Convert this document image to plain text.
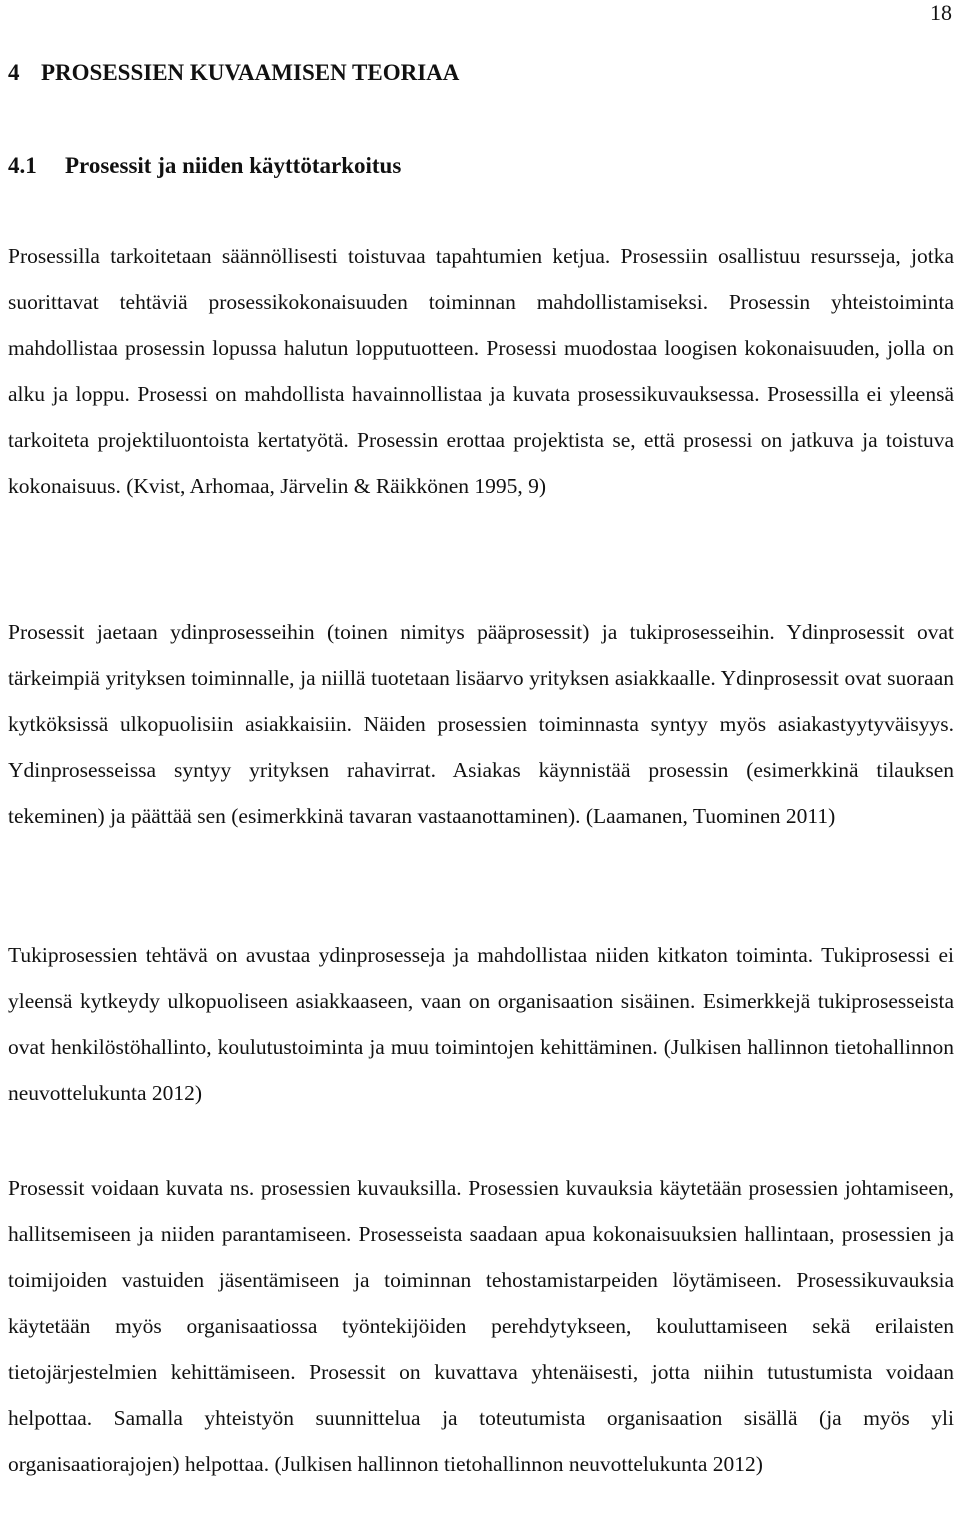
18
4 PROSESSIEN KUVAAMISEN TEORIAA
4.1 Prosessit ja niiden käyttötarkoitus

Prosessilla tarkoitetaan säännöllisesti toistuvaa tapahtumien ketjua. Prosessiin osallistuu resursseja, jotka suorittavat tehtäviä prosessikokonaisuuden toiminnan mahdollistamiseksi. Prosessin yhteistoiminta mahdollistaa prosessin lopussa halutun lopputuotteen. Prosessi muodostaa loogisen kokonaisuuden, jolla on alku ja loppu. Prosessi on mahdollista havainnollistaa ja kuvata prosessikuvauksessa. Prosessilla ei yleensä tarkoiteta projektiluontoista kertatyötä. Prosessin erottaa projektista se, että prosessi on jatkuva ja toistuva kokonaisuus. (Kvist, Arhomaa, Järvelin & Räikkönen 1995, 9)

Prosessit jaetaan ydinprosesseihin (toinen nimitys pääprosessit) ja tukiprosesseihin. Ydinprosessit ovat tärkeimpiä yrityksen toiminnalle, ja niillä tuotetaan lisäarvo yrityksen asiakkaalle. Ydinprosessit ovat suoraan kytköksissä ulkopuolisiin asiakkaisiin. Näiden prosessien toiminnasta syntyy myös asiakastyytyväisyys. Ydinprosesseissa syntyy yrityksen rahavirrat. Asiakas käynnistää prosessin (esimerkkinä tilauksen tekeminen) ja päättää sen (esimerkkinä tavaran vastaanottaminen). (Laamanen, Tuominen 2011)

Tukiprosessien tehtävä on avustaa ydinprosesseja ja mahdollistaa niiden kitkaton toiminta. Tukiprosessi ei yleensä kytkeydy ulkopuoliseen asiakkaaseen, vaan on organisaation sisäinen. Esimerkkejä tukiprosesseista ovat henkilöstöhallinto, koulutustoiminta ja muu toimintojen kehittäminen. (Julkisen hallinnon tietohallinnon neuvottelukunta 2012)

Prosessit voidaan kuvata ns. prosessien kuvauksilla. Prosessien kuvauksia käytetään prosessien johtamiseen, hallitsemiseen ja niiden parantamiseen. Prosesseista saadaan apua kokonaisuuksien hallintaan, prosessien ja toimijoiden vastuiden jäsentämiseen ja toiminnan tehostamistarpeiden löytämiseen. Prosessikuvauksia käytetään myös organisaatiossa työntekijöiden perehdytykseen, kouluttamiseen sekä erilaisten tietojärjestelmien kehittämiseen. Prosessit on kuvattava yhtenäisesti, jotta niihin tutustumista voidaan helpottaa. Samalla yhteistyön suunnittelua ja toteutumista organisaation sisällä (ja myös yli organisaatiorajojen) helpottaa. (Julkisen hallinnon tietohallinnon neuvottelukunta 2012)
